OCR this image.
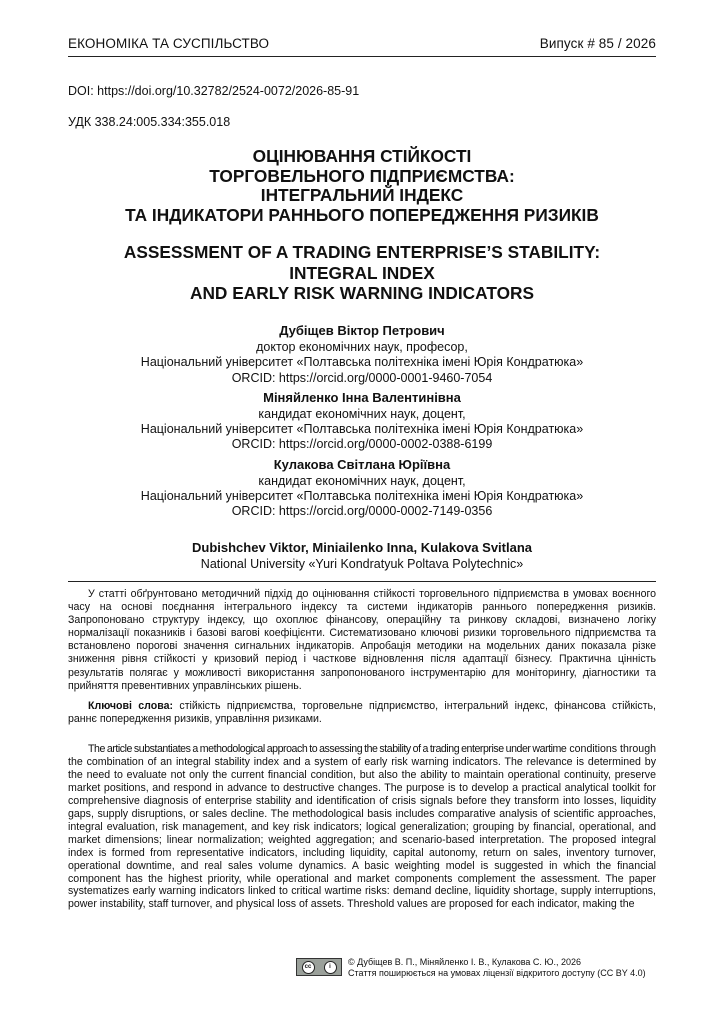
ЕКОНОМІКА ТА СУСПІЛЬСТВО	Випуск # 85 / 2026
DOI: https://doi.org/10.32782/2524-0072/2026-85-91
УДК 338.24:005.334:355.018
ОЦІНЮВАННЯ СТІЙКОСТІ
ТОРГОВЕЛЬНОГО ПІДПРИЄМСТВА:
ІНТЕГРАЛЬНИЙ ІНДЕКС
ТА ІНДИКАТОРИ РАННЬОГО ПОПЕРЕДЖЕННЯ РИЗИКІВ
ASSESSMENT OF A TRADING ENTERPRISE’S STABILITY:
INTEGRAL INDEX
AND EARLY RISK WARNING INDICATORS
Дубіщев Віктор Петрович
доктор економічних наук, професор,
Національний університет «Полтавська політехніка імені Юрія Кондратюка»
ORCID: https://orcid.org/0000-0001-9460-7054
Міняйленко Інна Валентинівна
кандидат економічних наук, доцент,
Національний університет «Полтавська політехніка імені Юрія Кондратюка»
ORCID: https://orcid.org/0000-0002-0388-6199
Кулакова Світлана Юріївна
кандидат економічних наук, доцент,
Національний університет «Полтавська політехніка імені Юрія Кондратюка»
ORCID: https://orcid.org/0000-0002-7149-0356
Dubishchev Viktor, Miniailenko Inna, Kulakova Svitlana
National University «Yuri Kondratyuk Poltava Polytechnic»
У статті обґрунтовано методичний підхід до оцінювання стійкості торговельного підприємства в умовах воєнного часу на основі поєднання інтегрального індексу та системи індикаторів раннього попередження ризиків. Запропоновано структуру індексу, що охоплює фінансову, операційну та ринкову складові, визначено логіку нормалізації показників і базові вагові коефіцієнти. Систематизовано ключові ризики торговельного підприємства та встановлено порогові значення сигнальних індикаторів. Апробація методики на модельних даних показала різке зниження рівня стійкості у кризовий період і часткове відновлення після адаптації бізнесу. Практична цінність результатів полягає у можливості використання запропонованого інструментарію для моніторингу, діагностики та прийняття превентивних управлінських рішень.
Ключові слова: стійкість підприємства, торговельне підприємство, інтегральний індекс, фінансова стійкість, раннє попередження ризиків, управління ризиками.
The article substantiates a methodological approach to assessing the stability of a trading enterprise under wartime conditions through the combination of an integral stability index and a system of early risk warning indicators. The relevance is determined by the need to evaluate not only the current financial condition, but also the ability to maintain operational continuity, preserve market positions, and respond in advance to destructive changes. The purpose is to develop a practical analytical toolkit for comprehensive diagnosis of enterprise stability and identification of crisis signals before they transform into losses, liquidity gaps, supply disruptions, or sales decline. The methodological basis includes comparative analysis of scientific approaches, integral evaluation, risk management, and key risk indicators; logical generalization; grouping by financial, operational, and market dimensions; linear normalization; weighted aggregation; and scenario-based interpretation. The proposed integral index is formed from representative indicators, including liquidity, capital autonomy, return on sales, inventory turnover, operational downtime, and real sales volume dynamics. A basic weighting model is suggested in which the financial component has the highest priority, while operational and market components complement the assessment. The paper systematizes early warning indicators linked to critical wartime risks: demand decline, liquidity shortage, supply interruptions, power instability, staff turnover, and physical loss of assets. Threshold values are proposed for each indicator, making the
cc	i	© Дубіщев В. П., Міняйленко І. В., Кулакова С. Ю., 2026
Стаття поширюється на умовах ліцензії відкритого доступу (CC BY 4.0)
